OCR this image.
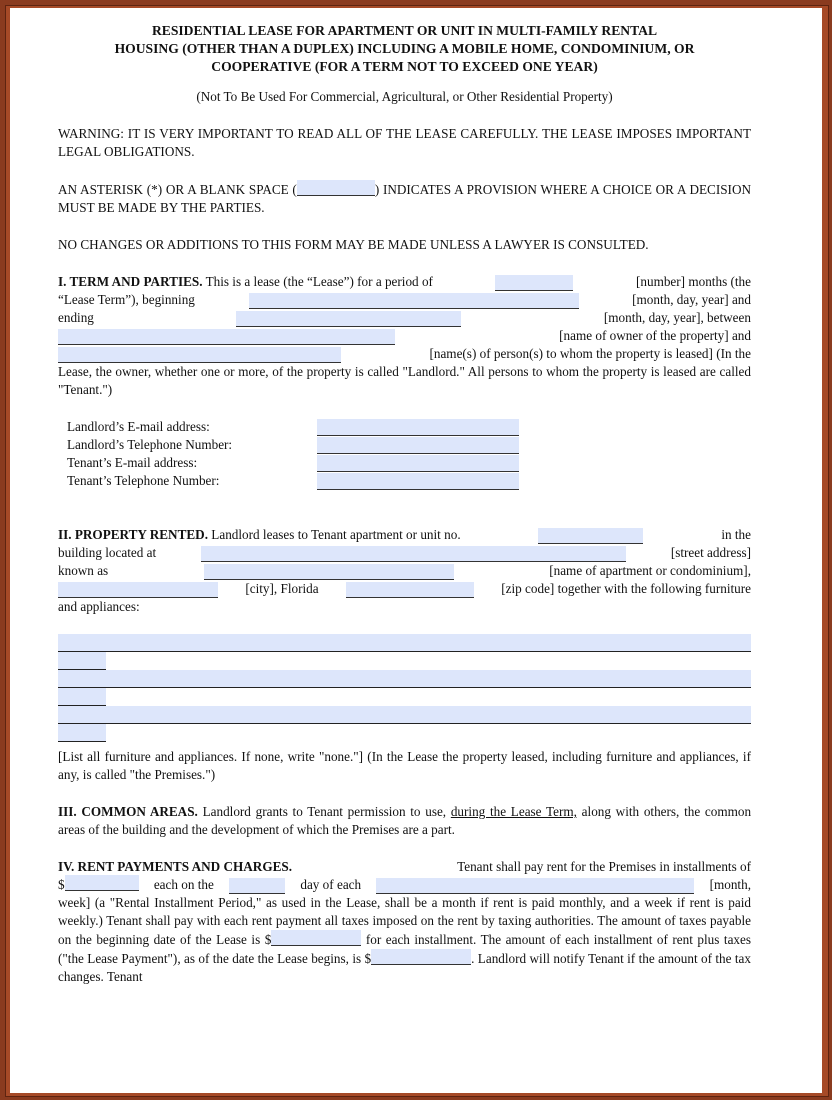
RESIDENTIAL LEASE FOR APARTMENT OR UNIT IN MULTI-FAMILY RENTAL
HOUSING (OTHER THAN A DUPLEX) INCLUDING A MOBILE HOME, CONDOMINIUM, OR
COOPERATIVE (FOR A TERM NOT TO EXCEED ONE YEAR)
(Not To Be Used For Commercial, Agricultural, or Other Residential Property)

WARNING: IT IS VERY IMPORTANT TO READ ALL OF THE LEASE CAREFULLY. THE LEASE IMPOSES IMPORTANT LEGAL OBLIGATIONS.

AN ASTERISK (*) OR A BLANK SPACE (	) INDICATES A PROVISION WHERE A CHOICE OR A DECISION MUST BE MADE BY THE PARTIES.

NO CHANGES OR ADDITIONS TO THIS FORM MAY BE MADE UNLESS A LAWYER IS CONSULTED.

I. TERM AND PARTIES. This is a lease (the “Lease”) for a period of	[number] months (the
“Lease Term”), beginning	[month, day, year] and
ending	[month, day, year], between
[name of owner of the property] and
[name(s) of person(s) to whom the property is leased] (In the

Lease, the owner, whether one or more, of the property is called "Landlord." All persons to whom the property is leased are called "Tenant.")

Landlord’s E-mail address:
Landlord’s Telephone Number:
Tenant’s E-mail address:
Tenant’s Telephone Number:
II. PROPERTY RENTED. Landlord leases to Tenant apartment or unit no.	in the
building located at	[street address]
known as	[name of apartment or condominium],
[city], Florida	[zip code] together with the following furniture
and appliances:

[List all furniture and appliances. If none, write "none."] (In the Lease the property leased, including furniture and appliances, if any, is called "the Premises.")

III. COMMON AREAS. Landlord grants to Tenant permission to use, during the Lease Term, along with others, the common areas of the building and the development of which the Premises are a part.

IV. RENT PAYMENTS AND CHARGES.	Tenant shall pay rent for the Premises in installments of
$	each on the	day of each	[month,

week] (a "Rental Installment Period," as used in the Lease, shall be a month if rent is paid monthly, and a week if rent is paid weekly.) Tenant shall pay with each rent payment all taxes imposed on the rent by taxing authorities. The amount of taxes payable on the beginning date of the Lease is $	for each installment. The amount of each installment of rent plus taxes ("the Lease Payment"), as of the date the Lease begins, is $	. Landlord will notify Tenant if the amount of the tax changes. Tenant
